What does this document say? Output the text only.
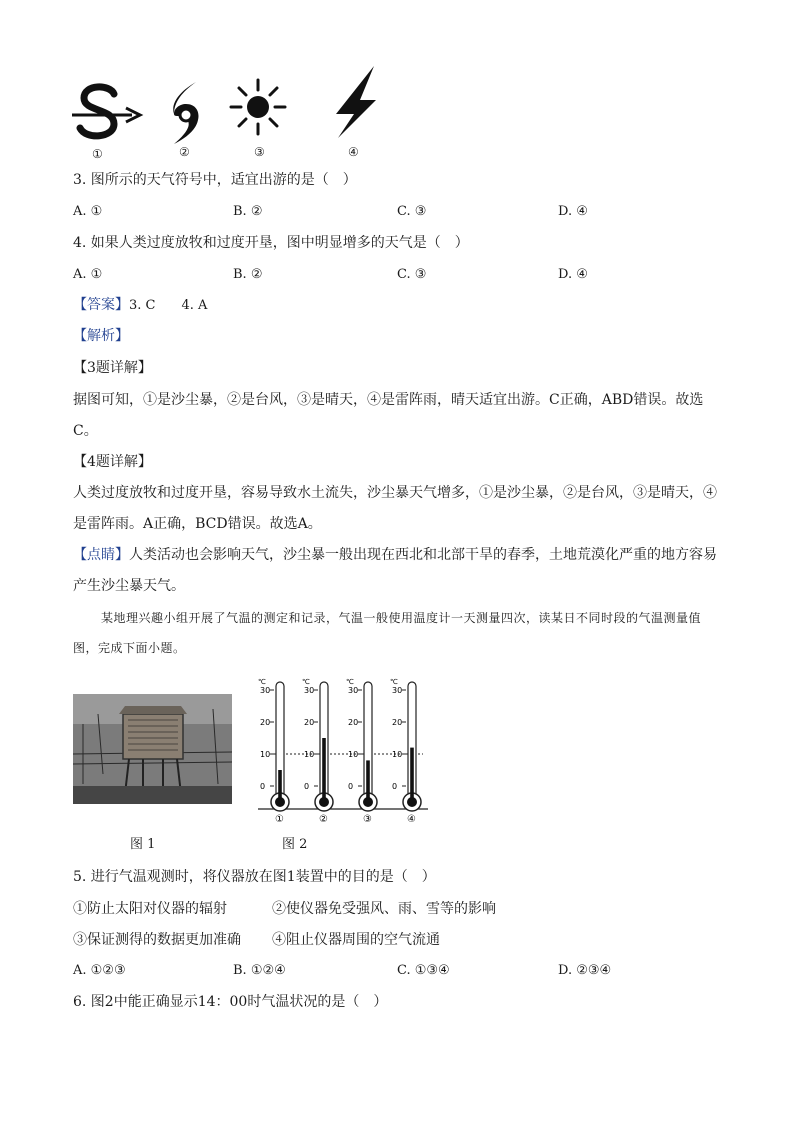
①	②	③	④
3. 图所示的天气符号中，适宜出游的是（　）
A. ①	B. ②	C. ③	D. ④
4. 如果人类过度放牧和过度开垦，图中明显增多的天气是（　）
A. ①	B. ②	C. ③	D. ④
【答案】3. C　　4. A
【解析】
【3题详解】
据图可知，①是沙尘暴，②是台风，③是晴天，④是雷阵雨，晴天适宜出游。C正确，ABD错误。故选C。
【4题详解】
人类过度放牧和过度开垦，容易导致水土流失，沙尘暴天气增多，①是沙尘暴，②是台风，③是晴天，④是雷阵雨。A正确，BCD错误。故选A。
【点睛】人类活动也会影响天气，沙尘暴一般出现在西北和北部干旱的春季，土地荒漠化严重的地方容易产生沙尘暴天气。
某地理兴趣小组开展了气温的测定和记录，气温一般使用温度计一天测量四次，读某日不同时段的气温测量值图，完成下面小题。
图 1
℃
30
20
10
0
①
℃
30
20
10
0
②
℃
30
20
10
0
③
℃
30
20
10
0
④
图 2
5. 进行气温观测时，将仪器放在图1装置中的目的是（　）
①防止太阳对仪器的辐射	②使仪器免受强风、雨、雪等的影响
③保证测得的数据更加准确 ④阻止仪器周围的空气流通
A. ①②③	B. ①②④	C. ①③④	D. ②③④
6. 图2中能正确显示14：00时气温状况的是（　）
